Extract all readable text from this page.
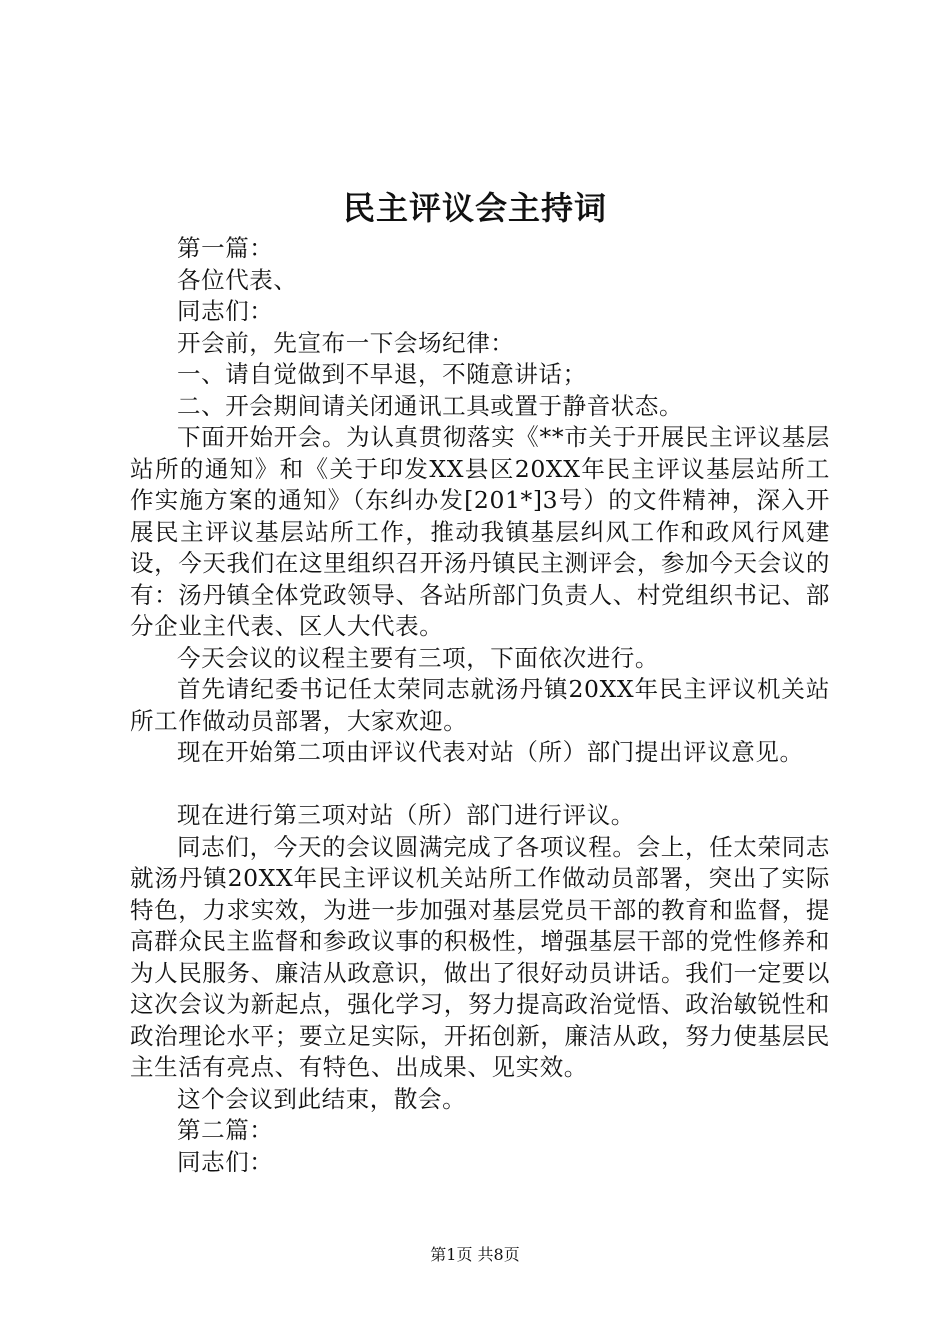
民主评议会主持词

第一篇：

各位代表、

同志们：

开会前，先宣布一下会场纪律：

一、请自觉做到不早退，不随意讲话；

二、开会期间请关闭通讯工具或置于静音状态。

下面开始开会。为认真贯彻落实《**市关于开展民主评议基层站所的通知》和《关于印发XX县区20XX年民主评议基层站所工作实施方案的通知》（东纠办发[201*]3号）的文件精神，深入开展民主评议基层站所工作，推动我镇基层纠风工作和政风行风建设，今天我们在这里组织召开汤丹镇民主测评会，参加今天会议的有：汤丹镇全体党政领导、各站所部门负责人、村党组织书记、部分企业主代表、区人大代表。

今天会议的议程主要有三项，下面依次进行。

首先请纪委书记任太荣同志就汤丹镇20XX年民主评议机关站所工作做动员部署，大家欢迎。

现在开始第二项由评议代表对站（所）部门提出评议意见。

现在进行第三项对站（所）部门进行评议。

同志们，今天的会议圆满完成了各项议程。会上，任太荣同志就汤丹镇20XX年民主评议机关站所工作做动员部署，突出了实际特色，力求实效，为进一步加强对基层党员干部的教育和监督，提高群众民主监督和参政议事的积极性，增强基层干部的党性修养和为人民服务、廉洁从政意识，做出了很好动员讲话。我们一定要以这次会议为新起点，强化学习，努力提高政治觉悟、政治敏锐性和政治理论水平；要立足实际，开拓创新，廉洁从政，努力使基层民主生活有亮点、有特色、出成果、见实效。

这个会议到此结束，散会。

第二篇：

同志们：

第1页 共8页
